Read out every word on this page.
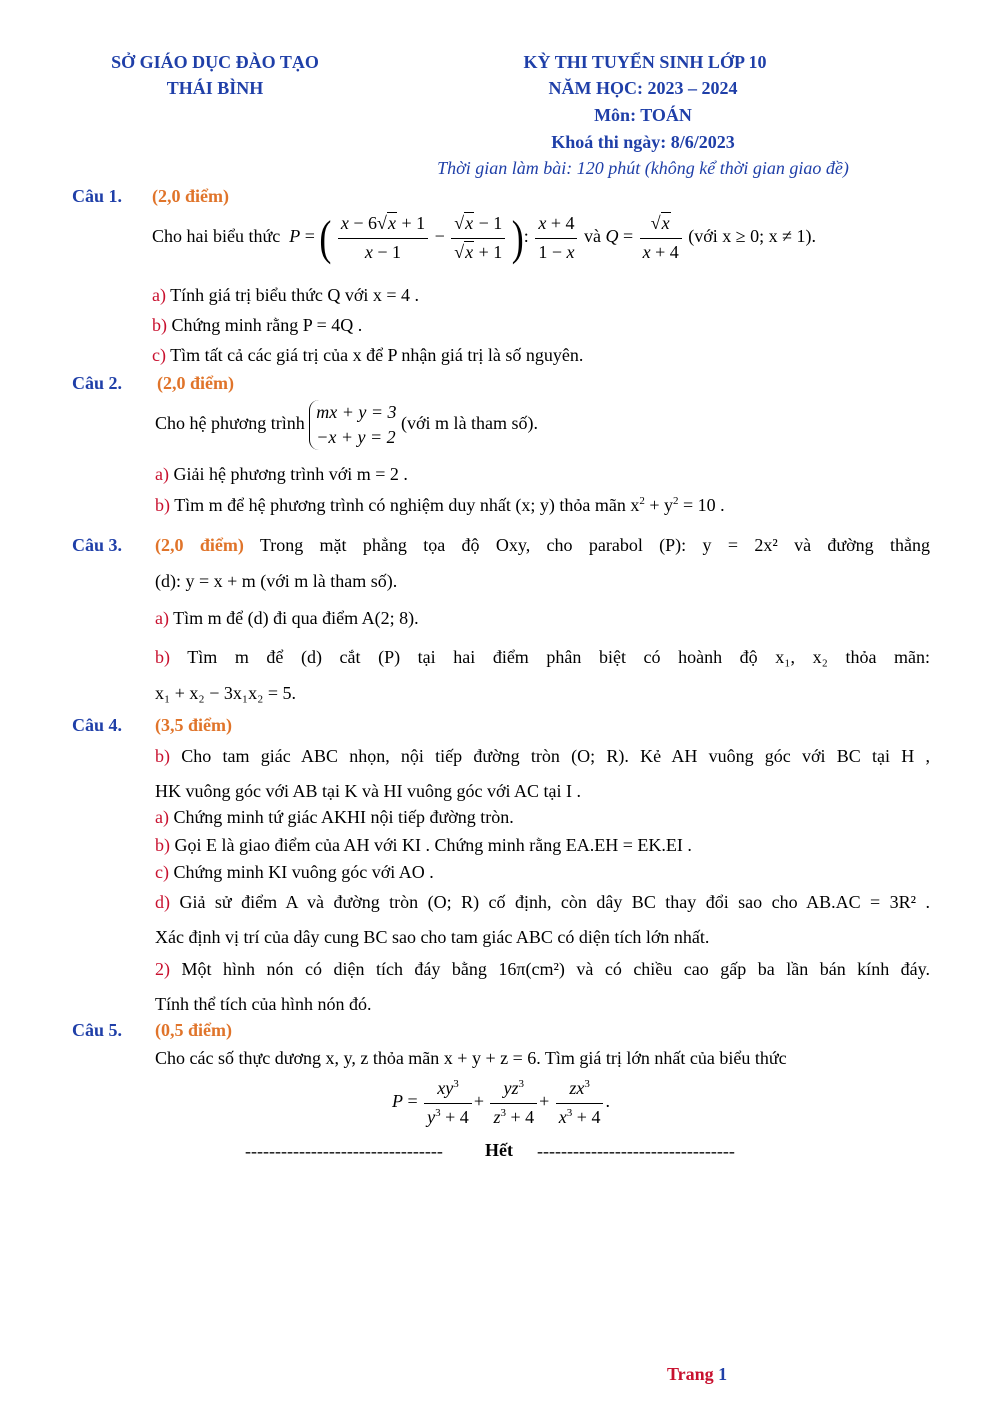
SỞ GIÁO DỤC ĐÀO TẠO
THÁI BÌNH
KỲ THI TUYỂN SINH LỚP 10
NĂM HỌC: 2023 – 2024
Môn: TOÁN
Khoá thi ngày: 8/6/2023
Thời gian làm bài: 120 phút (không kể thời gian giao đề)
Câu 1. (2,0 điểm)
Cho hai biểu thức  P = ( $\frac{x - 6√x + 1}{x - 1} - \frac{√x - 1}{√x + 1}$ ): $\frac{x + 4}{1 - x}$ và $Q = \frac{√x}{x + 4}$ (với x ≥ 0; x ≠ 1).
a) Tính giá trị biểu thức Q với x = 4 .
b) Chứng minh rằng P = 4Q .
c) Tìm tất cả các giá trị của x để P nhận giá trị là số nguyên.
Câu 2. (2,0 điểm)
Cho hệ phương trình
mx + y = 3
−x + y = 2
(với m là tham số).
a) Giải hệ phương trình với m = 2 .
b) Tìm m để hệ phương trình có nghiệm duy nhất (x; y) thỏa mãn $x^2 + y^2 = 10$ .
Câu 3. (2,0 điểm) Trong mặt phẳng tọa độ Oxy, cho parabol (P): y = 2x² và đường thẳng
(d): y = x + m (với m là tham số).
a) Tìm m để (d) đi qua điểm A(2; 8).
b) Tìm m để (d) cắt (P) tại hai điểm phân biệt có hoành độ x₁, x₂ thỏa mãn:
x₁ + x₂ − 3x₁x₂ = 5.
Câu 4. (3,5 điểm)
b) Cho tam giác ABC nhọn, nội tiếp đường tròn (O; R). Kẻ AH vuông góc với BC tại H ,
HK vuông góc với AB tại K và HI vuông góc với AC tại I .
a) Chứng minh tứ giác AKHI nội tiếp đường tròn.
b) Gọi E là giao điểm của AH với KI . Chứng minh rằng EA.EH = EK.EI .
c) Chứng minh KI vuông góc với AO .
d) Giả sử điểm A và đường tròn (O; R) cố định, còn dây BC thay đổi sao cho AB.AC = 3R² .
Xác định vị trí của dây cung BC sao cho tam giác ABC có diện tích lớn nhất.
2) Một hình nón có diện tích đáy bằng 16π(cm²) và có chiều cao gấp ba lần bán kính đáy.
Tính thể tích của hình nón đó.
Câu 5. (0,5 điểm)
Cho các số thực dương x, y, z thỏa mãn x + y + z = 6. Tìm giá trị lớn nhất của biểu thức
$P = \frac{xy^3}{y^3 + 4} + \frac{yz^3}{z^3 + 4} + \frac{zx^3}{x^3 + 4}$ .
--------------------------------- Hết ---------------------------------
Trang 1
